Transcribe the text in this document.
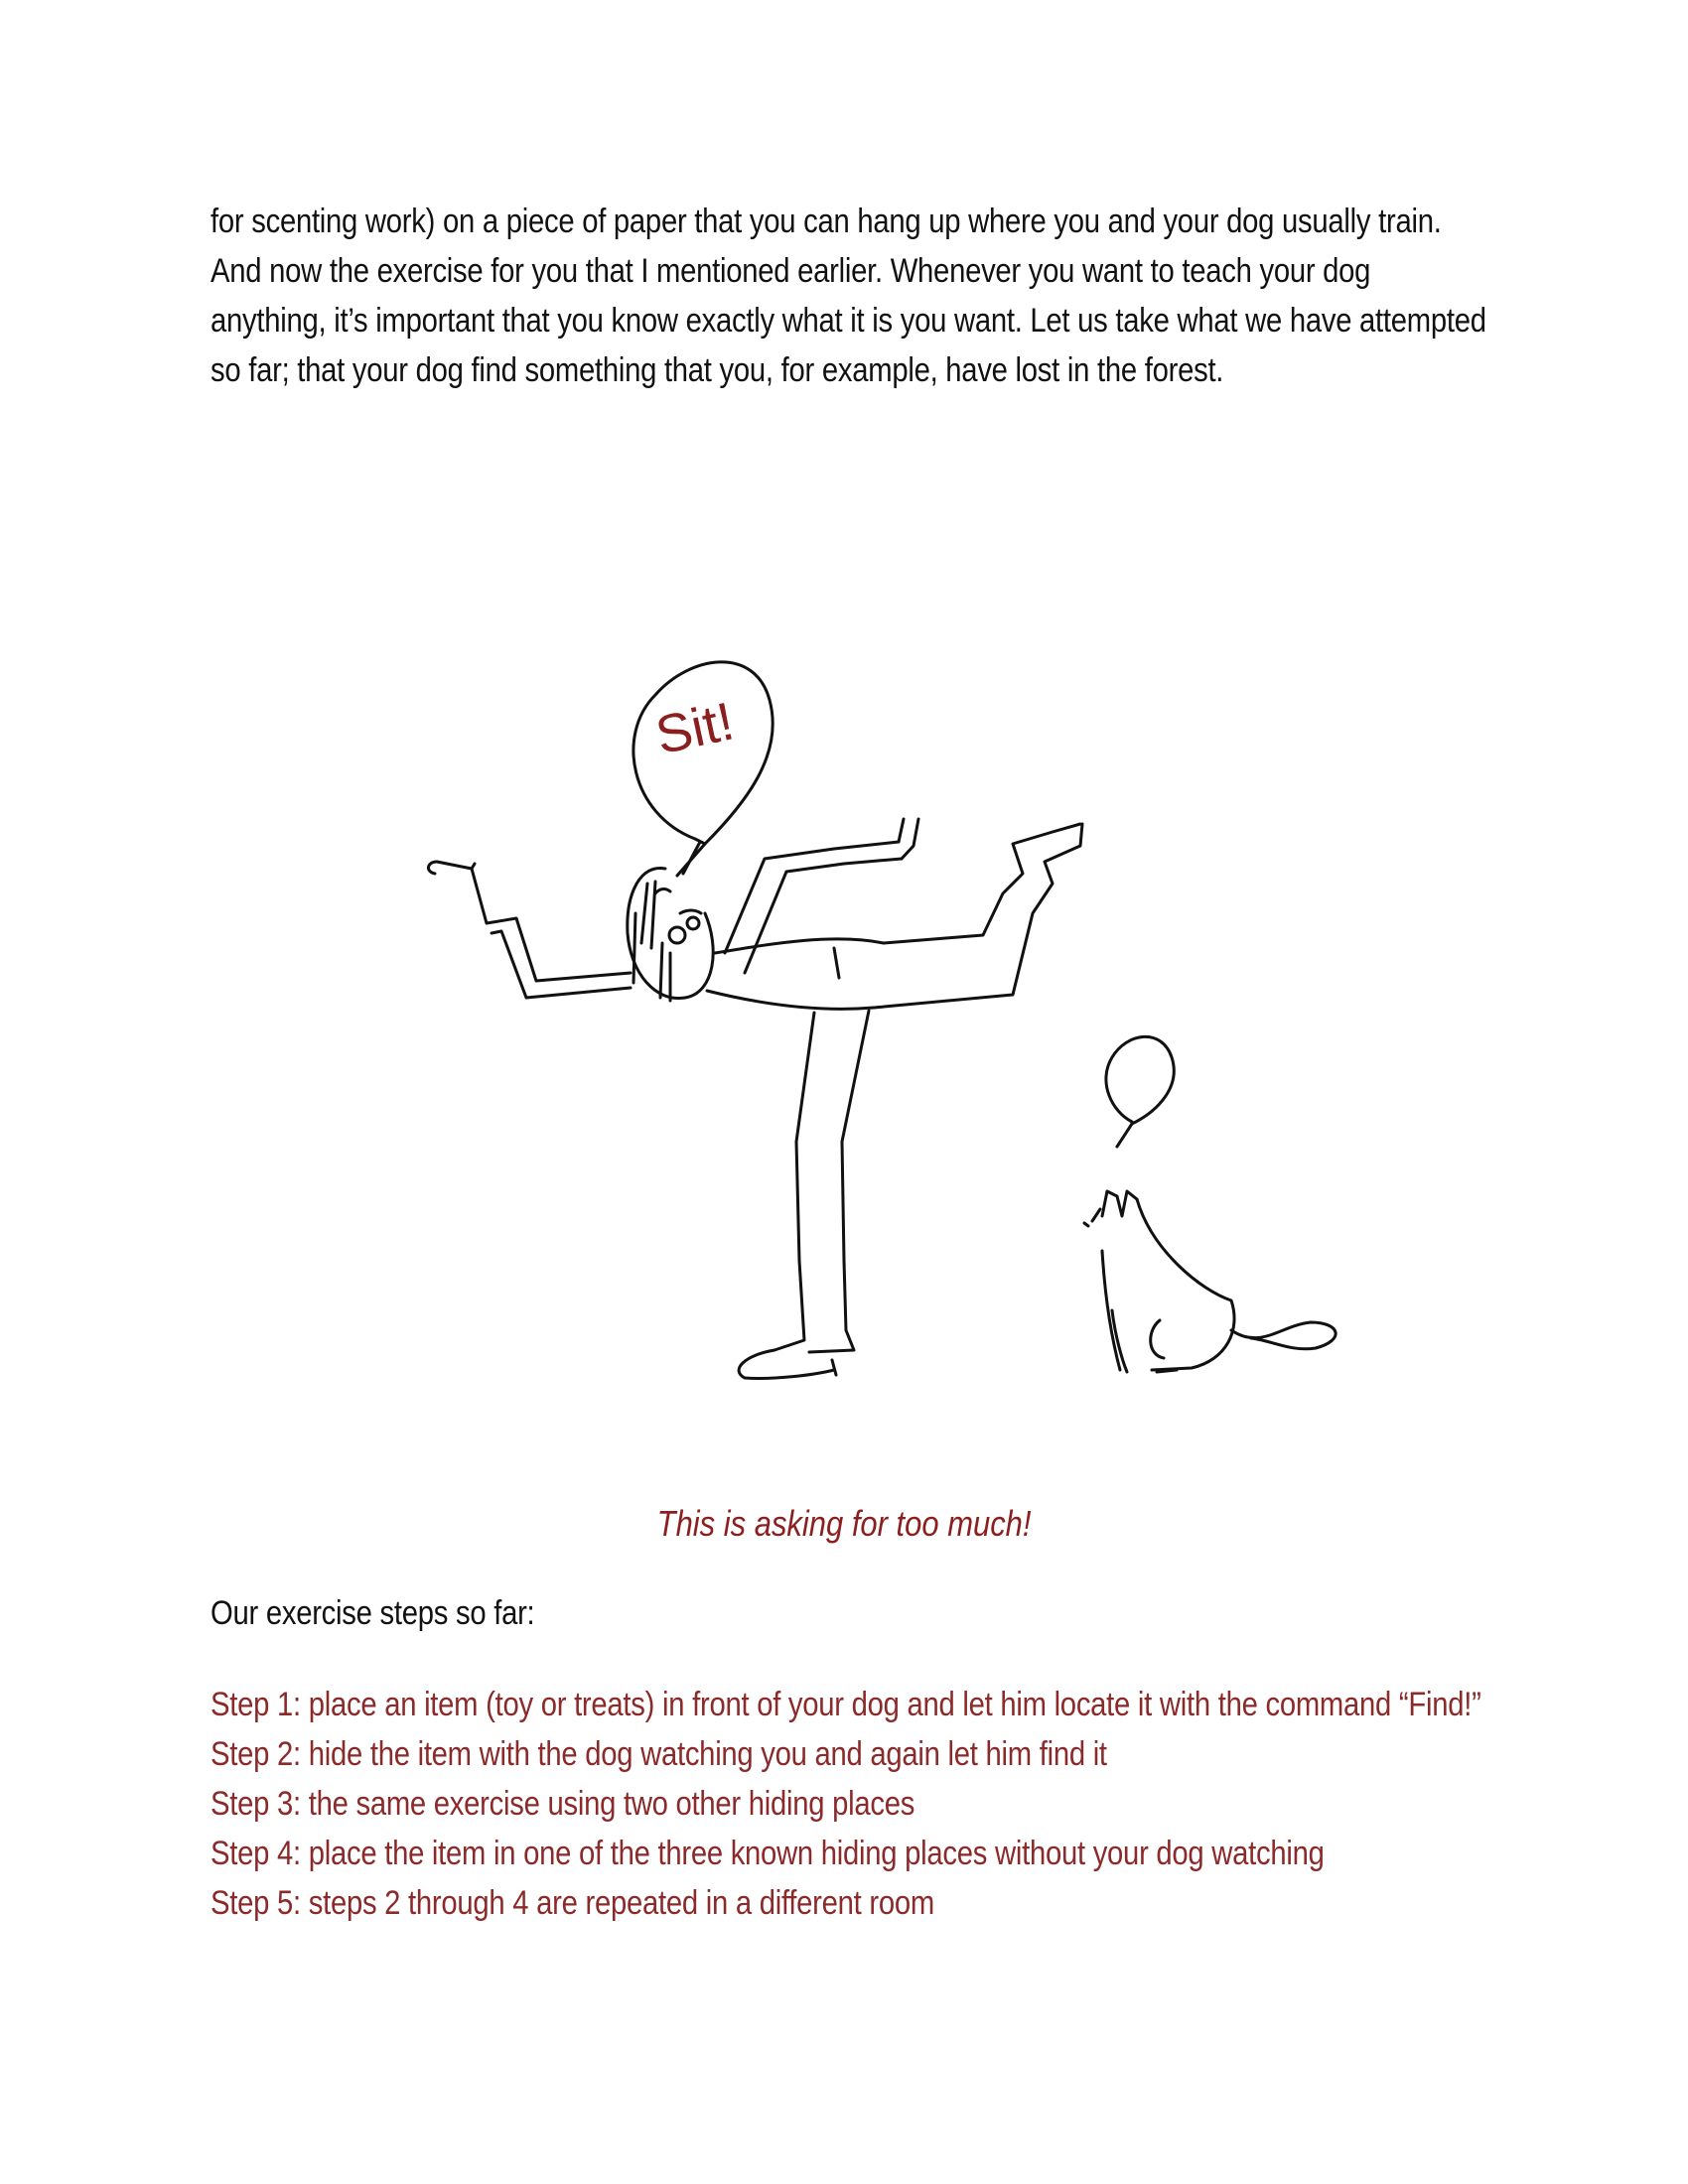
for scenting work) on a piece of paper that you can hang up where you and your dog usually train.

And now the exercise for you that I mentioned earlier. Whenever you want to teach your dog anything, it’s important that you know exactly what it is you want. Let us take what we have attempted so far; that your dog find something that you, for example, have lost in the forest.

Sit!
This is asking for too much!

Our exercise steps so far:

Step 1: place an item (toy or treats) in front of your dog and let him locate it with the command “Find!”

Step 2: hide the item with the dog watching you and again let him find it

Step 3: the same exercise using two other hiding places

Step 4: place the item in one of the three known hiding places without your dog watching

Step 5: steps 2 through 4 are repeated in a different room
